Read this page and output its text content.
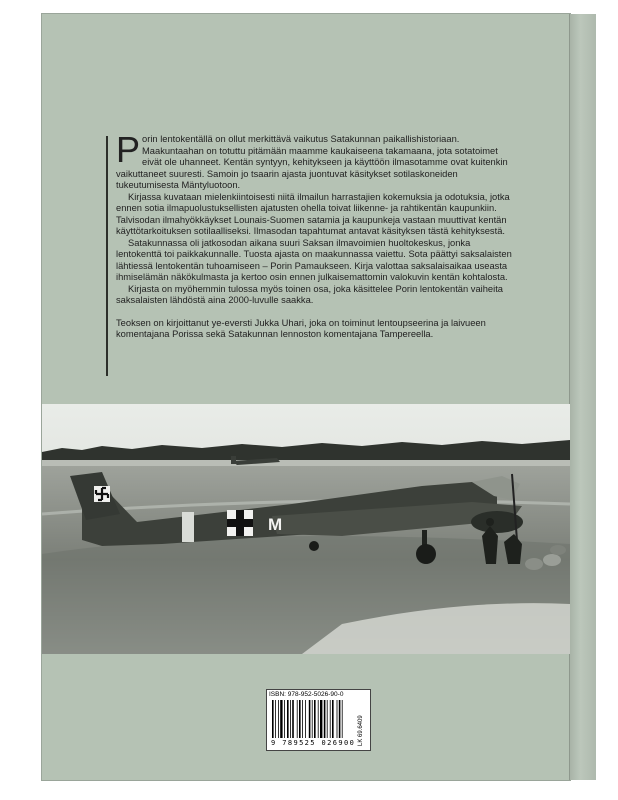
Porin lentokentällä on ollut merkittävä vaikutus Satakunnan paikallishistoriaan. Maakuntaahan on totuttu pitämään maamme kaukaiseena takamaana, jota sotatoimet eivät ole uhanneet. Kentän syntyyn, kehitykseen ja käyttöön ilmasotamme ovat kuitenkin vaikuttaneet suuresti. Samoin jo tsaarin ajasta juontuvat käsitykset sotilaskoneiden tukeutumisesta Mäntyluotoon.

Kirjassa kuvataan mielenkiintoisesti niitä ilmailun harrastajien kokemuksia ja odotuksia, jotka ennen sotia ilmapuolustuksellisten ajatusten ohella toivat liikenne- ja rahtikentän kaupunkiin. Talvisodan ilmahyökkäykset Lounais-Suomen satamia ja kaupunkeja vastaan muuttivat kentän käyttötarkoituksen sotilaalliseksi. Ilmasodan tapahtumat antavat käsityksen tästä kehityksestä.

Satakunnassa oli jatkosodan aikana suuri Saksan ilmavoimien huoltokeskus, jonka lentokenttä toi paikkakunnalle. Tuosta ajasta on maakunnassa vaiettu. Sota päättyi saksalaisten lähtiessä lentokentän tuhoamiseen – Porin Pamaukseen. Kirja valottaa saksalaisaikaa useasta ihmiselämän näkökulmasta ja kertoo osin ennen julkaisemattomin valokuvin kentän kohtalosta.

Kirjasta on myöhemmin tulossa myös toinen osa, joka käsittelee Porin lentokentän vaiheita saksalaisten lähdöstä aina 2000-luvulle saakka.

Teoksen on kirjoittanut ye-eversti Jukka Uhari, joka on toiminut lentoupseerina ja laivueen komentajana Porissa sekä Satakunnan lennoston komentajana Tampereella.

M
ISBN: 978-952-5026-90-0
9 789525 026900 LK 69.6409
